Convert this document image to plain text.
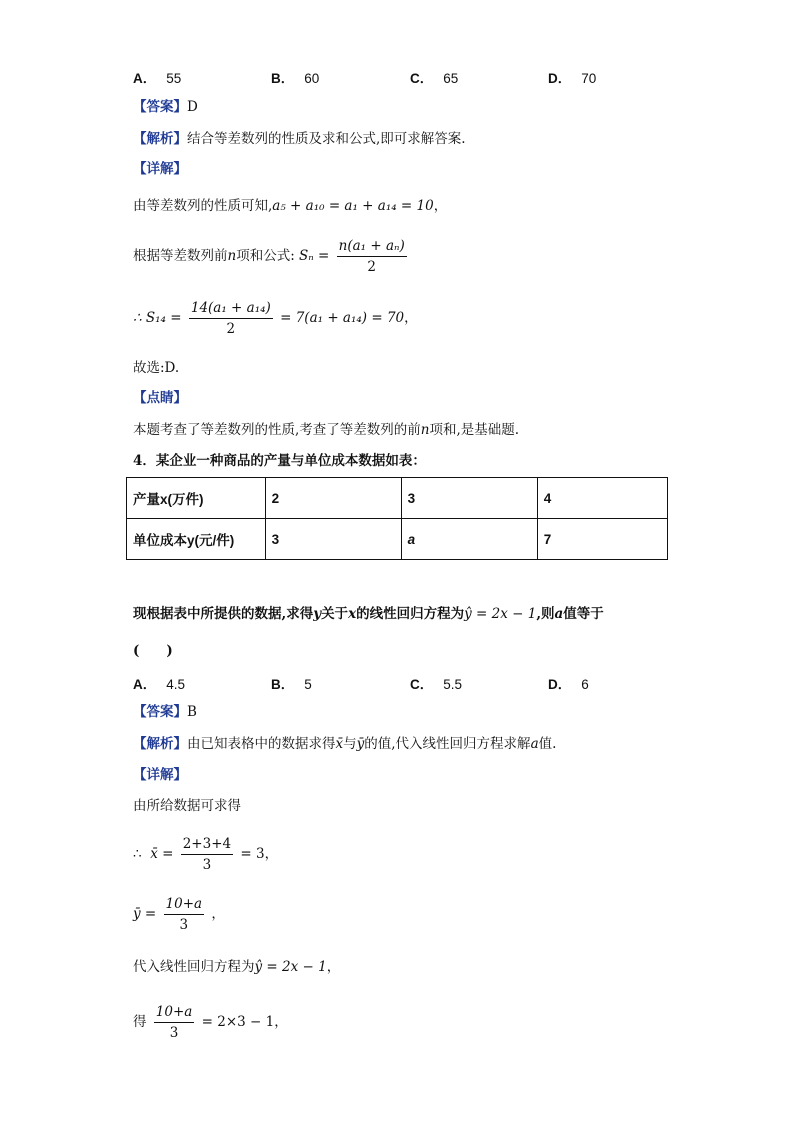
A． 55	B． 60	C． 65	D． 70
【答案】D
【解析】结合等差数列的性质及求和公式,即可求解答案.
【详解】
由等差数列的性质可知,a₅ + a₁₀ = a₁ + a₁₄ = 10，
根据等差数列前n项和公式: $S_n = \frac{\text{n(a₁ + aₙ)}}{2}$
∴ $S_{14} = \frac{\text{14(a₁ + a₁₄)}}{2} = 7(a_1 + a_{14}) = 70$，
故选:D.
【点睛】
本题考查了等差数列的性质,考查了等差数列的前n项和,是基础题.
4．某企业一种商品的产量与单位成本数据如表：
产量x(万件)	2	3	4
单位成本y(元/件)	3	a	7
现根据表中所提供的数据,求得y关于x的线性回归方程为ŷ = 2x − 1,则a值等于
(　　)
A． 4.5	B． 5	C． 5.5	D． 6
【答案】B
【解析】由已知表格中的数据求得x̄与ȳ的值,代入线性回归方程求解a值.
【详解】
由所给数据可求得
∴ x̄ = $\frac{2+3+4}{3} = 3$，
ȳ = $\frac{10+a}{3}$ ，
代入线性回归方程为ŷ = 2x − 1，
得 $\frac{10+a}{3} = 2\times 3 - 1$，
